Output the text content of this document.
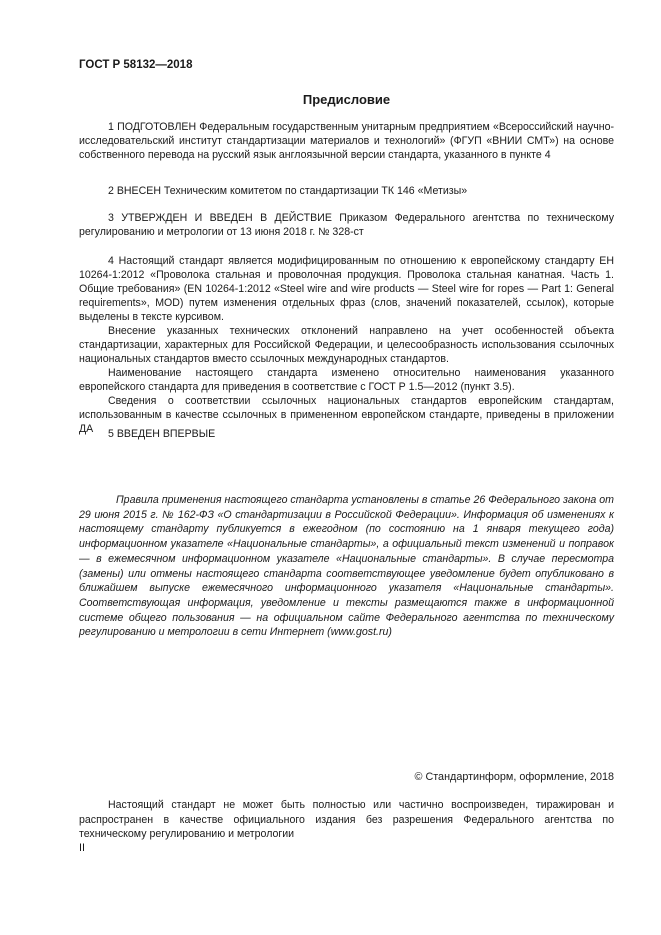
ГОСТ Р 58132—2018
Предисловие

1 ПОДГОТОВЛЕН Федеральным государственным унитарным предприятием «Всероссийский научно-исследовательский институт стандартизации материалов и технологий» (ФГУП «ВНИИ СМТ») на основе собственного перевода на русский язык англоязычной версии стандарта, указанного в пункте 4

2 ВНЕСЕН Техническим комитетом по стандартизации ТК 146 «Метизы»

3 УТВЕРЖДЕН И ВВЕДЕН В ДЕЙСТВИЕ Приказом Федерального агентства по техническому регулированию и метрологии от 13 июня 2018 г. № 328-ст

4 Настоящий стандарт является модифицированным по отношению к европейскому стандарту ЕН 10264-1:2012 «Проволока стальная и проволочная продукция. Проволока стальная канатная. Часть 1. Общие требования» (EN 10264-1:2012 «Steel wire and wire products — Steel wire for ropes — Part 1: General requirements», MOD) путем изменения отдельных фраз (слов, значений показателей, ссылок), которые выделены в тексте курсивом.

Внесение указанных технических отклонений направлено на учет особенностей объекта стандартизации, характерных для Российской Федерации, и целесообразность использования ссылочных национальных стандартов вместо ссылочных международных стандартов.

Наименование настоящего стандарта изменено относительно наименования указанного европейского стандарта для приведения в соответствие с ГОСТ Р 1.5—2012 (пункт 3.5).

Сведения о соответствии ссылочных национальных стандартов европейским стандартам, использованным в качестве ссылочных в примененном европейском стандарте, приведены в приложении ДА	5 ВВЕДЕН ВПЕРВЫЕ

Правила применения настоящего стандарта установлены в статье 26 Федерального закона от 29 июня 2015 г. № 162-ФЗ «О стандартизации в Российской Федерации». Информация об изменениях к настоящему стандарту публикуется в ежегодном (по состоянию на 1 января текущего года) информационном указателе «Национальные стандарты», а официальный текст изменений и поправок — в ежемесячном информационном указателе «Национальные стандарты». В случае пересмотра (замены) или отмены настоящего стандарта соответствующее уведомление будет опубликовано в ближайшем выпуске ежемесячного информационного указателя «Национальные стандарты». Соответствующая информация, уведомление и тексты размещаются также в информационной системе общего пользования — на официальном сайте Федерального агентства по техническому регулированию и метрологии в сети Интернет (www.gost.ru)

© Стандартинформ, оформление, 2018

Настоящий стандарт не может быть полностью или частично воспроизведен, тиражирован и распространен в качестве официального издания без разрешения Федерального агентства по техническому регулированию и метрологии

II
